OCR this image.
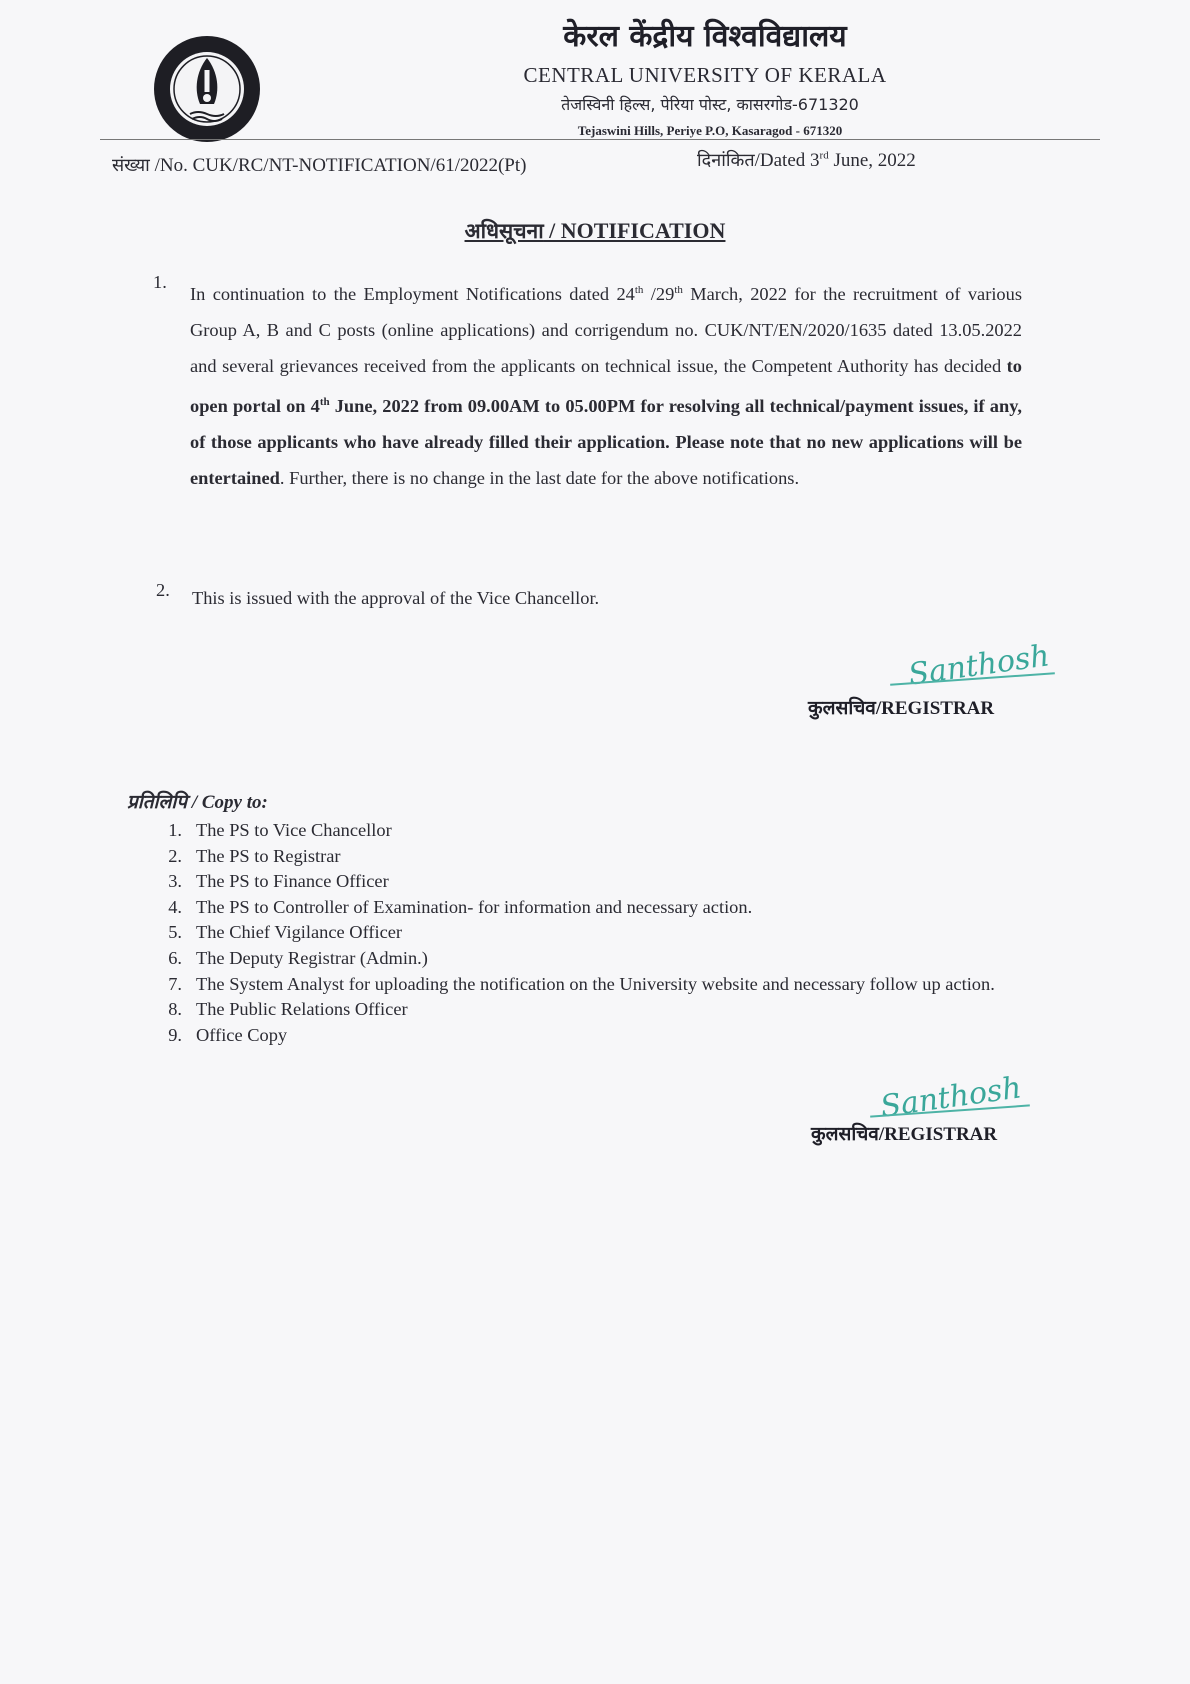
केरल केंद्रीय विश्वविद्यालय
CENTRAL UNIVERSITY OF KERALA
तेजस्विनी हिल्स, पेरिया पोस्ट, कासरगोड-671320
Tejaswini Hills, Periye P.O, Kasaragod - 671320
संख्या /No. CUK/RC/NT-NOTIFICATION/61/2022(Pt)	दिनांकित/Dated 3rd June, 2022
अधिसूचना / NOTIFICATION
1.
In continuation to the Employment Notifications dated 24th /29th March, 2022 for the recruitment of various Group A, B and C posts (online applications) and corrigendum no. CUK/NT/EN/2020/1635 dated 13.05.2022 and several grievances received from the applicants on technical issue, the Competent Authority has decided to open portal on 4th June, 2022 from 09.00AM to 05.00PM for resolving all technical/payment issues, if any, of those applicants who have already filled their application. Please note that no new applications will be entertained. Further, there is no change in the last date for the above notifications.
2. This is issued with the approval of the Vice Chancellor.
Santhosh
कुलसचिव/REGISTRAR
प्रतिलिपि / Copy to:
1. The PS to Vice Chancellor
2. The PS to Registrar
3. The PS to Finance Officer
4. The PS to Controller of Examination- for information and necessary action.
5. The Chief Vigilance Officer
6. The Deputy Registrar (Admin.)
7. The System Analyst for uploading the notification on the University website and necessary follow up action.
8. The Public Relations Officer
9. Office Copy
Santhosh
कुलसचिव/REGISTRAR
